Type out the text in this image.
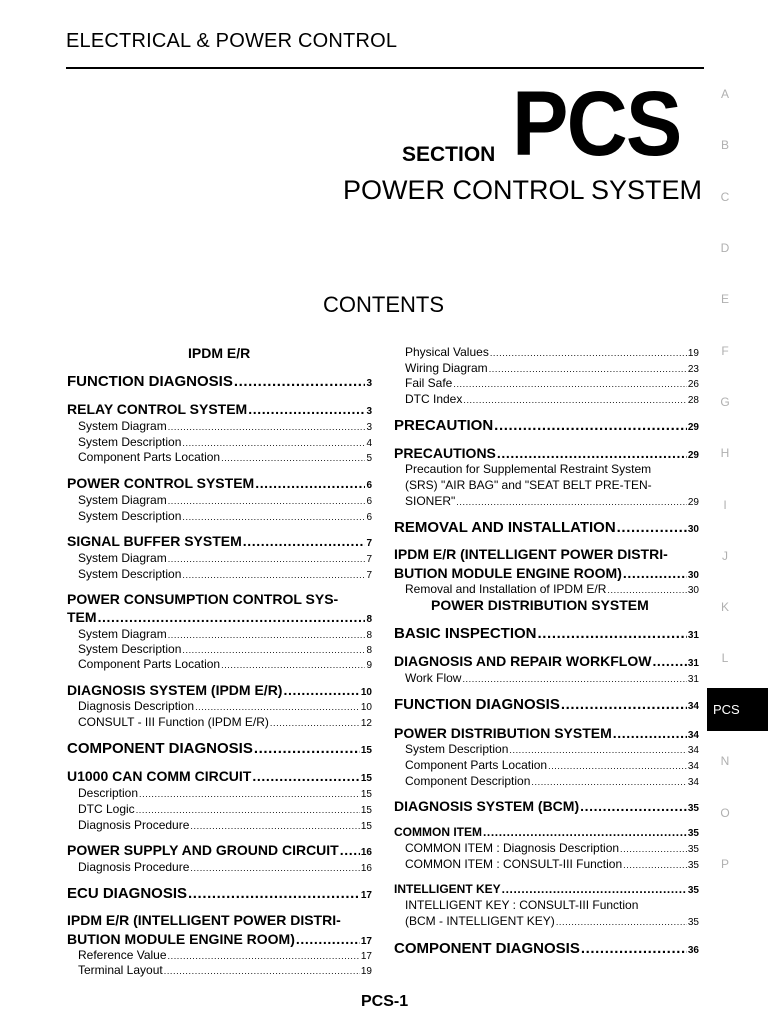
ELECTRICAL & POWER CONTROL
SECTION PCS
POWER CONTROL SYSTEM
CONTENTS
IPDM E/R
FUNCTION DIAGNOSIS .....	3
RELAY CONTROL SYSTEM .....	3
System Diagram .....	3
System Description .....	4
Component Parts Location .....	5
POWER CONTROL SYSTEM .....	6
System Diagram .....	6
System Description .....	6
SIGNAL BUFFER SYSTEM .....	7
System Diagram .....	7
System Description .....	7
POWER CONSUMPTION CONTROL SYS-
TEM .....	8
System Diagram .....	8
System Description .....	8
Component Parts Location .....	9
DIAGNOSIS SYSTEM (IPDM E/R) .....	10
Diagnosis Description .....	10
CONSULT - III Function (IPDM E/R) .....	12
COMPONENT DIAGNOSIS .....	15
U1000 CAN COMM CIRCUIT .....	15
Description .....	15
DTC Logic .....	15
Diagnosis Procedure .....	15
POWER SUPPLY AND GROUND CIRCUIT ..... 16
Diagnosis Procedure .....	16
ECU DIAGNOSIS .....	17
IPDM E/R (INTELLIGENT POWER DISTRI-
BUTION MODULE ENGINE ROOM) .....	17
Reference Value .....	17
Terminal Layout .....	19
Physical Values .....	19
Wiring Diagram .....	23
Fail Safe .....	26
DTC Index .....	28
PRECAUTION .....	29
PRECAUTIONS .....	29
Precaution for Supplemental Restraint System
(SRS) "AIR BAG" and "SEAT BELT PRE-TEN-
SIONER" .....	29
REMOVAL AND INSTALLATION .....	30
IPDM E/R (INTELLIGENT POWER DISTRI-
BUTION MODULE ENGINE ROOM) .....	30
Removal and Installation of IPDM E/R .....	30
POWER DISTRIBUTION SYSTEM
BASIC INSPECTION .....	31
DIAGNOSIS AND REPAIR WORKFLOW .....	31
Work Flow .....	31
FUNCTION DIAGNOSIS .....	34
POWER DISTRIBUTION SYSTEM .....	34
System Description .....	34
Component Parts Location .....	34
Component Description .....	34
DIAGNOSIS SYSTEM (BCM) .....	35
COMMON ITEM .....	35
COMMON ITEM : Diagnosis Description .....	35
COMMON ITEM : CONSULT-III Function .....	35
INTELLIGENT KEY .....	35
INTELLIGENT KEY : CONSULT-III Function
(BCM - INTELLIGENT KEY) .....	35
COMPONENT DIAGNOSIS .....	36
A
B
C
D
E
F
G
H
I
J
K
L
PCS
N
O
P
PCS-1
